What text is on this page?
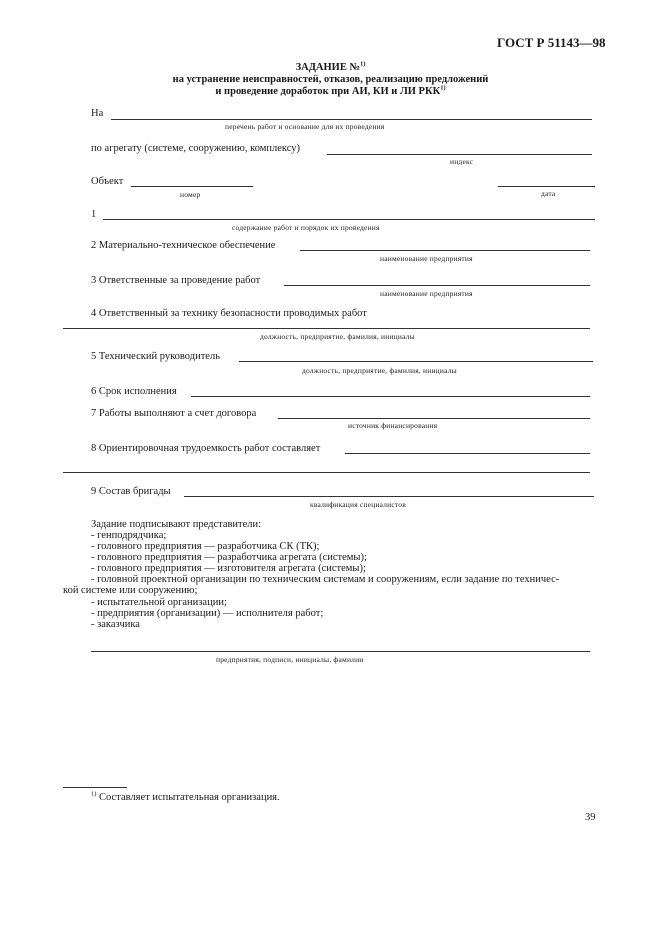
ГОСТ Р 51143—98
ЗАДАНИЕ №$^{1)}$
на устранение неисправностей, отказов, реализацию предложений
и проведение доработок при АИ, КИ и ЛИ РКК$^{1)}$
На
перечень работ и основание для их проведения
по агрегату (системе, сооружению, комплексу)
индекс
Объект
номер	дата
1
содержание работ и порядок их проведения
2 Материально-техническое обеспечение
наименование предприятия
3 Ответственные за проведение работ
наименование предприятия
4 Ответственный за технику безопасности проводимых работ
должность, предприятие, фамилия, инициалы
5 Технический руководитель
должность, предприятие, фамилия, инициалы
6 Срок исполнения
7 Работы выполняют а счет договора
источник финансирования
8 Ориентировочная трудоемкость работ составляет
9 Состав бригады
квалификация специалистов
Задание подписывают представители:
- генподрядчика;
- головного предприятия — разработчика СК (ТК);
- головного предприятия — разработчика агрегата (системы);
- головного предприятия — изготовителя агрегата (системы);
- головной проектной организации по техническим системам и сооружениям, если задание по техничес-
кой системе или сооружению;
- испытательной организации;
- предприятия (организации) — исполнителя работ;
- заказчика
предприятия, подписи, инициалы, фамилии
$^{1)}$ Составляет испытательная организация.
39
